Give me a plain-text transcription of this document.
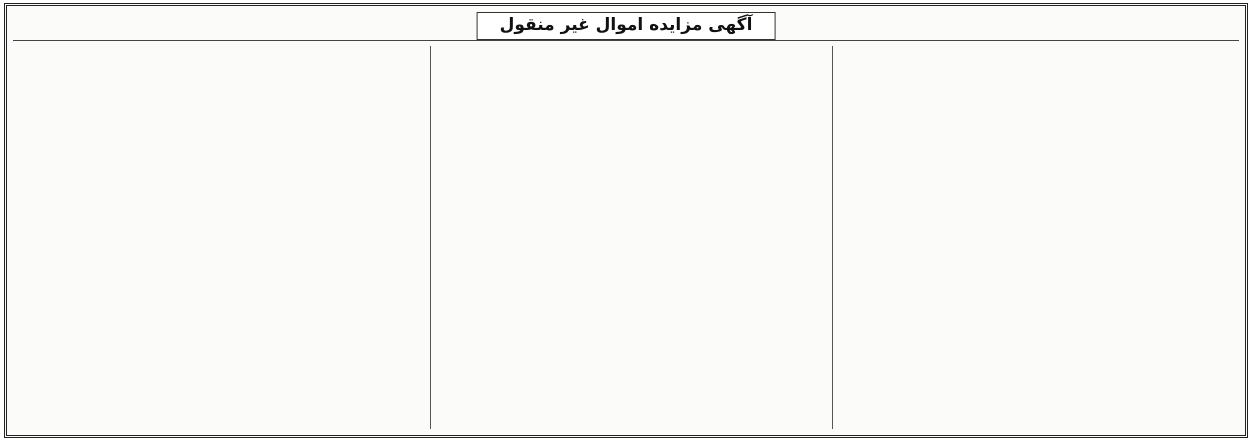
آگهی مزایده اموال غیر منقول
